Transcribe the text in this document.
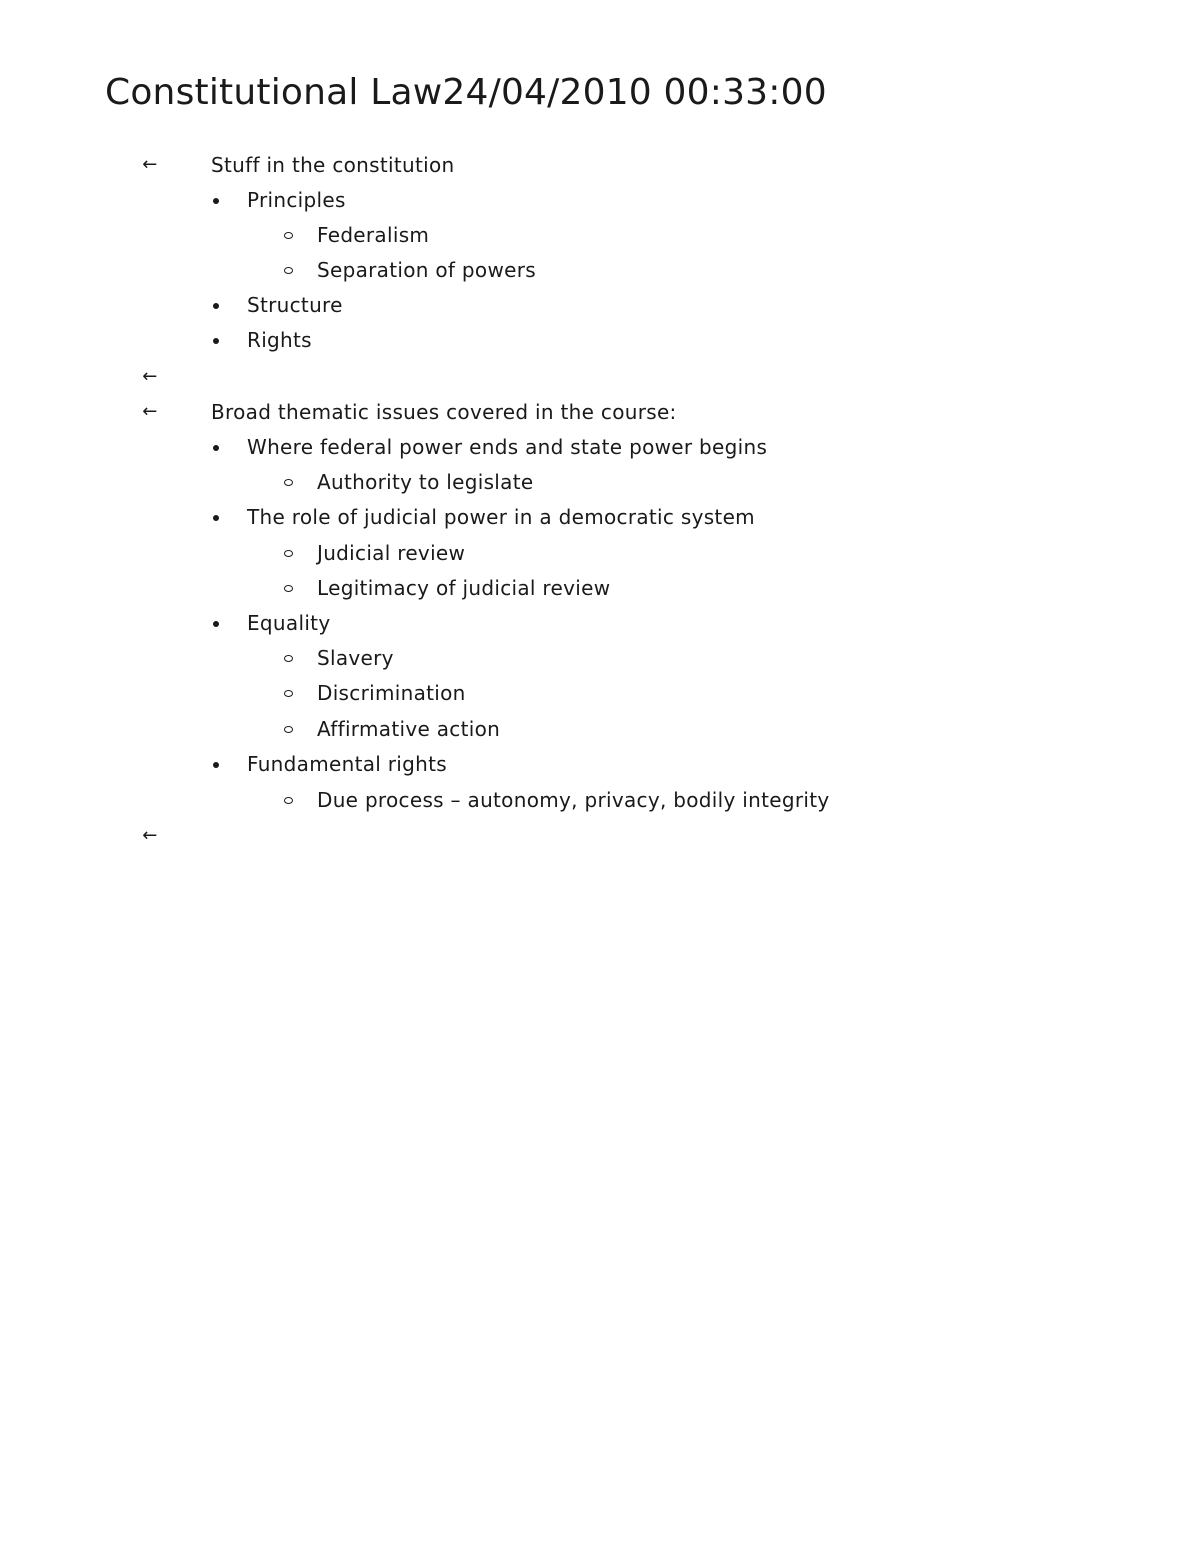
Constitutional Law24/04/2010 00:33:00
←	Stuff in the constitution
Principles
Federalism
Separation of powers
Structure
Rights
←
←	Broad thematic issues covered in the course:
Where federal power ends and state power begins
Authority to legislate
The role of judicial power in a democratic system
Judicial review
Legitimacy of judicial review
Equality
Slavery
Discrimination
Affirmative action
Fundamental rights
Due process – autonomy, privacy, bodily integrity
←
